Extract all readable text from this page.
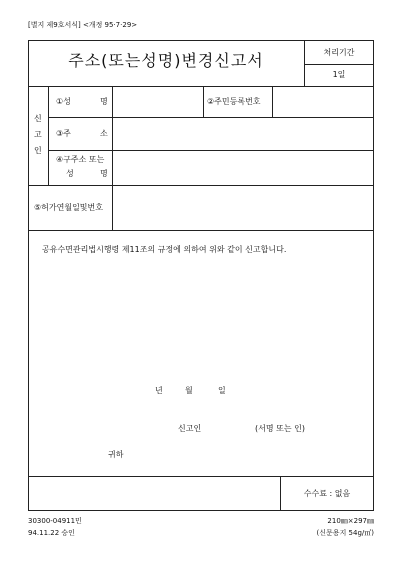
[별지 제9호서식] <개정 95·7·29>
주소(또는성명)변경신고서	처리기간
1일
신
고
인
①성	명	②주민등록번호
③주	소
④구주소 또는
성	명
⑤허가연월일및번호
공유수면관리법시행령 제11조의 규정에 의하여 위와 같이 신고합니다.
년	월	일
신고인	(서명 또는 인)
귀하
수수료 : 없음
30300-04911민
94.11.22 승인
210㎜×297㎜
(신문용지 54g/㎡)
